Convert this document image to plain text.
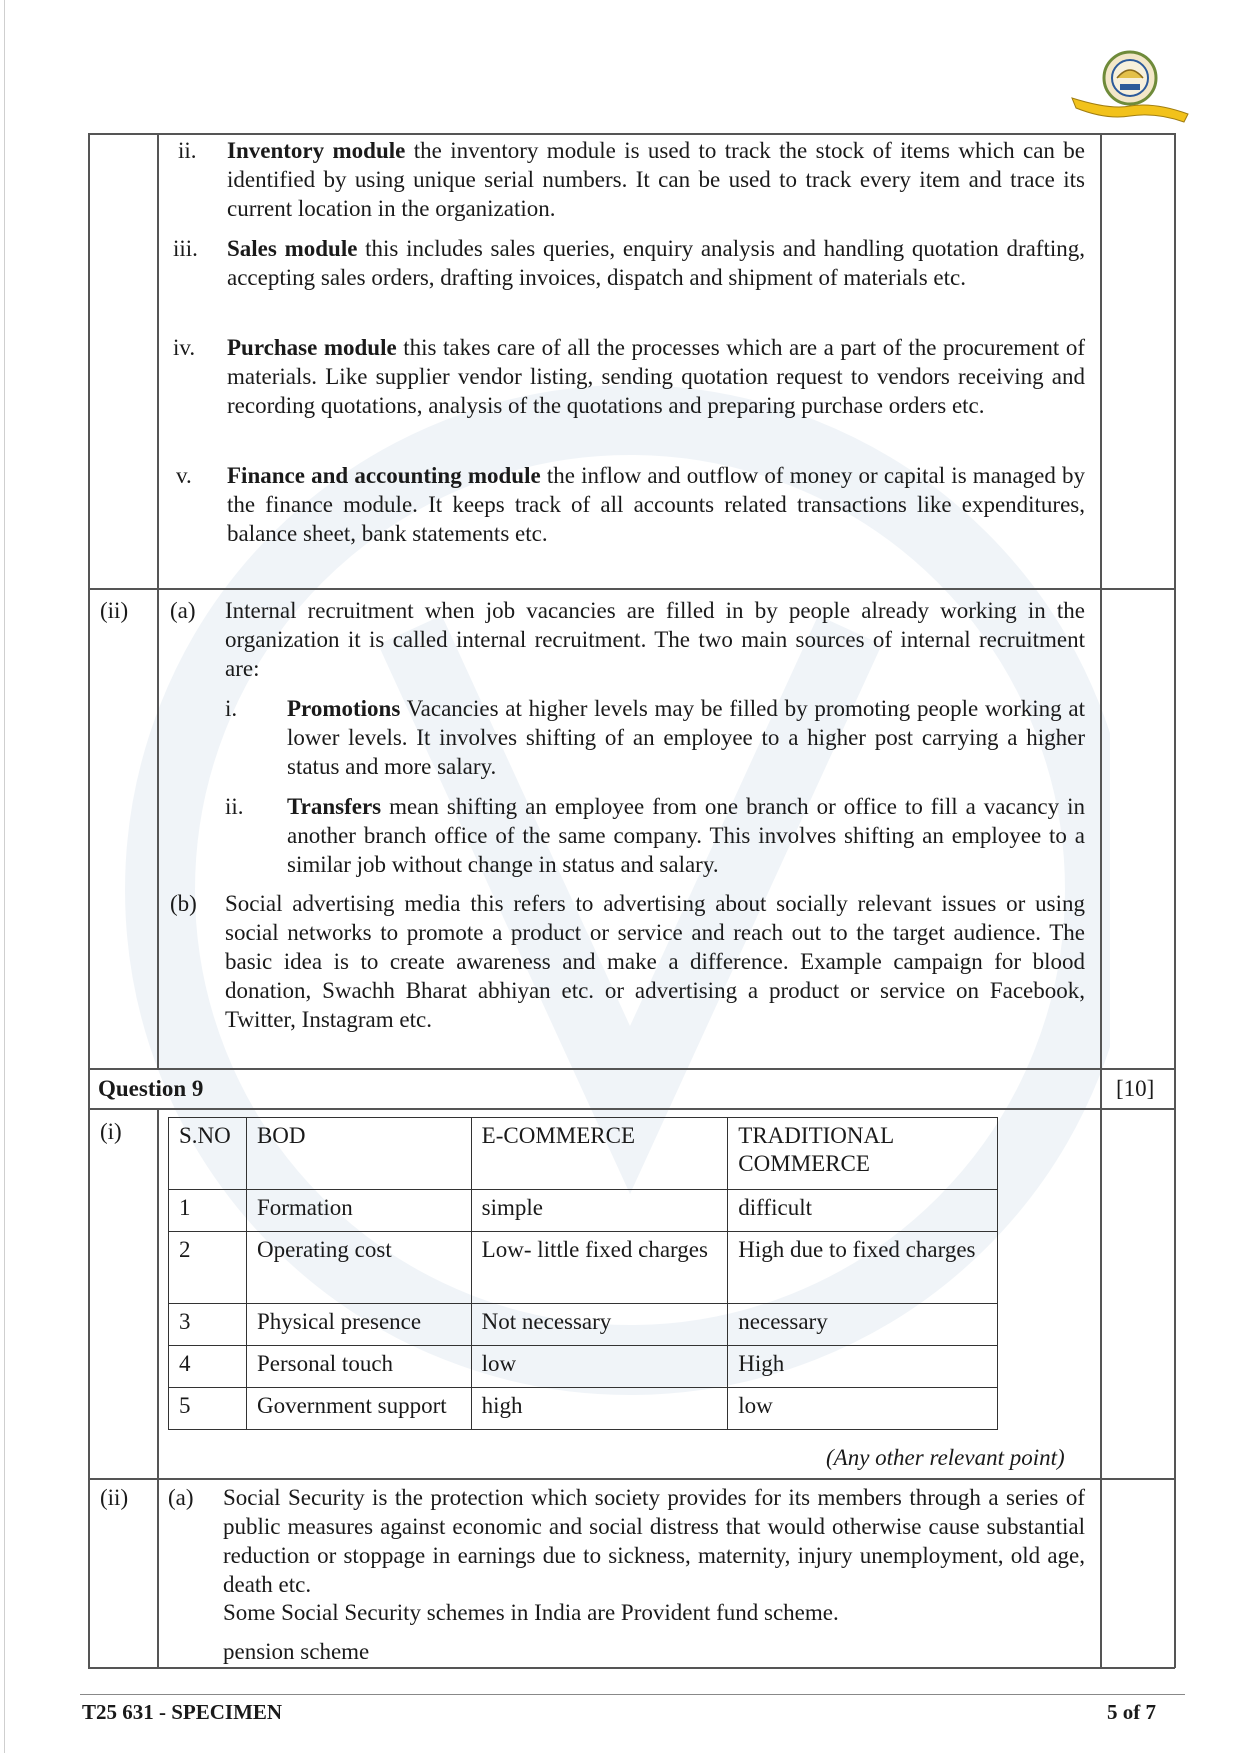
ii. Inventory module the inventory module is used to track the stock of items which can be identified by using unique serial numbers. It can be used to track every item and trace its current location in the organization.

iii. Sales module this includes sales queries, enquiry analysis and handling quotation drafting, accepting sales orders, drafting invoices, dispatch and shipment of materials etc.

iv. Purchase module this takes care of all the processes which are a part of the procurement of materials. Like supplier vendor listing, sending quotation request to vendors receiving and recording quotations, analysis of the quotations and preparing purchase orders etc.

v. Finance and accounting module the inflow and outflow of money or capital is managed by the finance module. It keeps track of all accounts related transactions like expenditures, balance sheet, bank statements etc.

(ii) (a) Internal recruitment when job vacancies are filled in by people already working in the organization it is called internal recruitment. The two main sources of internal recruitment are:

i. Promotions Vacancies at higher levels may be filled by promoting people working at lower levels. It involves shifting of an employee to a higher post carrying a higher status and more salary.

ii. Transfers mean shifting an employee from one branch or office to fill a vacancy in another branch office of the same company. This involves shifting an employee to a similar job without change in status and salary.

(b) Social advertising media this refers to advertising about socially relevant issues or using social networks to promote a product or service and reach out to the target audience. The basic idea is to create awareness and make a difference. Example campaign for blood donation, Swachh Bharat abhiyan etc. or advertising a product or service on Facebook, Twitter, Instagram etc.

Question 9	[10]
(i) S.NO	BOD	E-COMMERCE	TRADITIONAL COMMERCE
1	Formation	simple	difficult
2	Operating cost	Low- little fixed charges	High due to fixed charges
3	Physical presence	Not necessary	necessary
4	Personal touch	low	High
5	Government support	high	low
(Any other relevant point)
(ii) (a) Social Security is the protection which society provides for its members through a series of public measures against economic and social distress that would otherwise cause substantial reduction or stoppage in earnings due to sickness, maternity, injury unemployment, old age, death etc.

Some Social Security schemes in India are Provident fund scheme.
pension scheme
T25 631 - SPECIMEN	5 of 7
